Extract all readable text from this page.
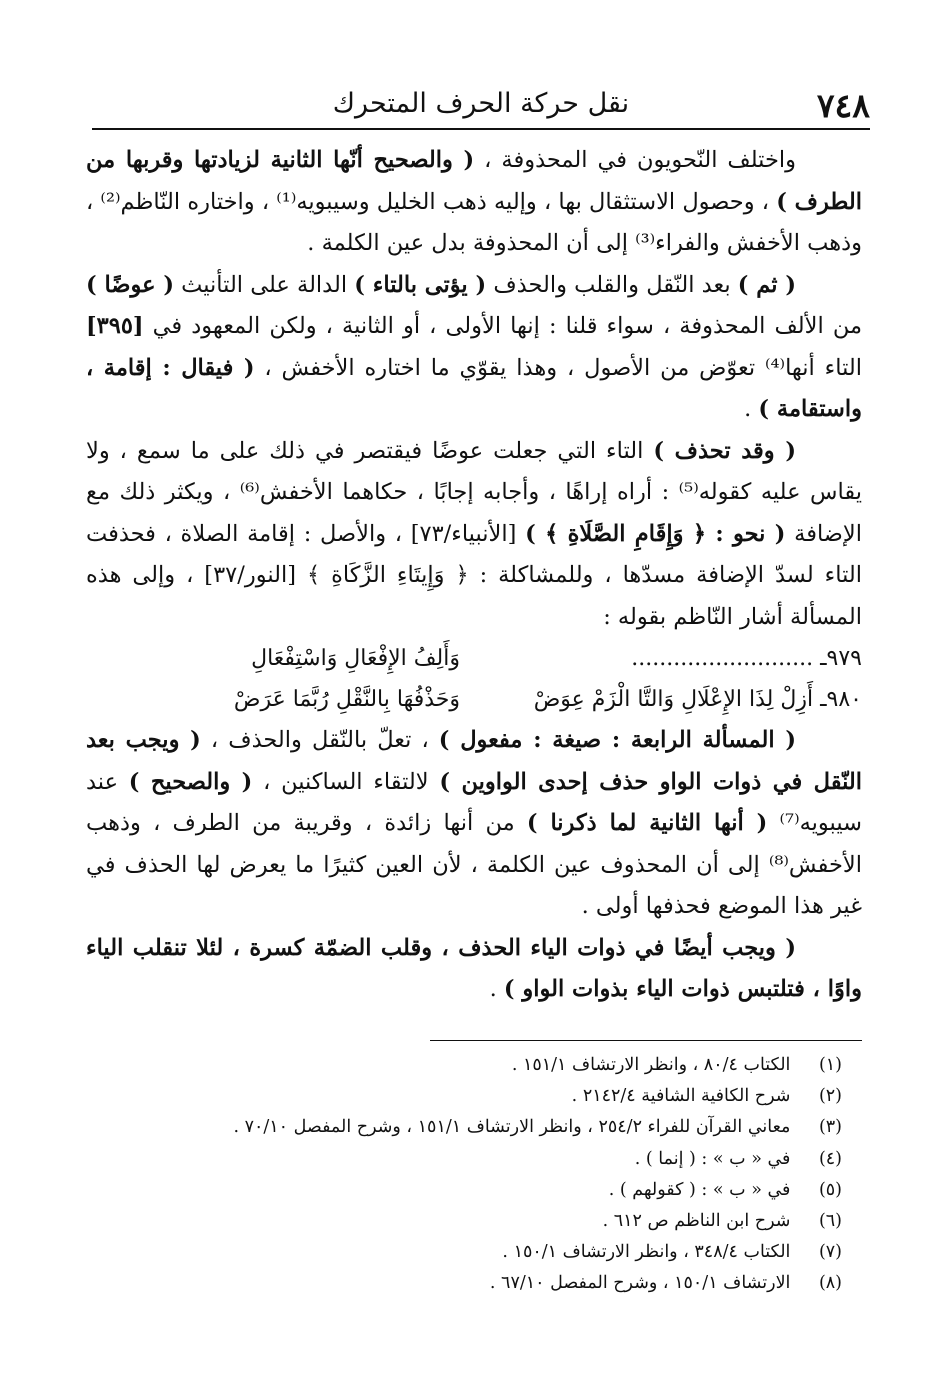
٧٤٨
نقل حركة الحرف المتحرك

واختلف النّحويون في المحذوفة ، ( والصحيح أنّها الثانية لزيادتها وقربها من الطرف ) ، وحصول الاستثقال بها ، وإليه ذهب الخليل وسيبويه⁽¹⁾ ، واختاره النّاظم⁽²⁾ ، وذهب الأخفش والفراء⁽³⁾ إلى أن المحذوفة بدل عين الكلمة .

( ثم ) بعد النّقل والقلب والحذف ( يؤتى بالتاء ) الدالة على التأنيث ( عوضًا ) من الألف المحذوفة ، سواء قلنا : إنها الأولى ، أو الثانية ، ولكن المعهود في [٣٩٥] التاء أنها⁽⁴⁾ تعوّض من الأصول ، وهذا يقوّي ما اختاره الأخفش ، ( فيقال : إقامة ، واستقامة ) .

( وقد تحذف ) التاء التي جعلت عوضًا فيقتصر في ذلك على ما سمع ، ولا يقاس عليه كقوله⁽⁵⁾ : أراه إراهًا ، وأجابه إجابًا ، حكاهما الأخفش⁽⁶⁾ ، ويكثر ذلك مع الإضافة ( نحو : ﴿ وَإِقَامِ الصَّلَاةِ ﴾ ) [الأنبياء/٧٣] ، والأصل : إقامة الصلاة ، فحذفت التاء لسدّ الإضافة مسدّها ، وللمشاكلة : ﴿ وَإِيتَاءِ الزَّكَاةِ ﴾ [النور/٣٧] ، وإلى هذه المسألة أشار النّاظم بقوله :

٩٧٩ـ ..........................
وَأَلِفُ الإِفْعَالِ وَاسْتِفْعَالِ
٩٨٠ـ أَزِلْ لِذَا الإِعْلَالِ وَالتَّا الْزَمْ عِوَضْ
وَحَذْفُهَا بِالنَّقْلِ رُبَّمَا عَرَضْ

( المسألة الرابعة : صيغة : مفعول ) ، تعلّ بالنّقل والحذف ، ( ويجب بعد النّقل في ذوات الواو حذف إحدى الواوين ) لالتقاء الساكنين ، ( والصحيح ) عند سيبويه⁽⁷⁾ ( أنها الثانية لما ذكرنا ) من أنها زائدة ، وقريبة من الطرف ، وذهب الأخفش⁽⁸⁾ إلى أن المحذوف عين الكلمة ، لأن العين كثيرًا ما يعرض لها الحذف في غير هذا الموضع فحذفها أولى .

( ويجب أيضًا في ذوات الياء الحذف ، وقلب الضمّة كسرة ، لئلا تنقلب الياء واوًا ، فتلتبس ذوات الياء بذوات الواو ) .

(١) الكتاب ٨٠/٤ ، وانظر الارتشاف ١٥١/١ .
(٢) شرح الكافية الشافية ٢١٤٢/٤ .
(٣) معاني القرآن للفراء ٢٥٤/٢ ، وانظر الارتشاف ١٥١/١ ، وشرح المفصل ٧٠/١٠ .
(٤) في « ب » : ( إنما ) .
(٥) في « ب » : ( كقولهم ) .
(٦) شرح ابن الناظم ص ٦١٢ .
(٧) الكتاب ٣٤٨/٤ ، وانظر الارتشاف ١٥٠/١ .
(٨) الارتشاف ١٥٠/١ ، وشرح المفصل ٦٧/١٠ .
